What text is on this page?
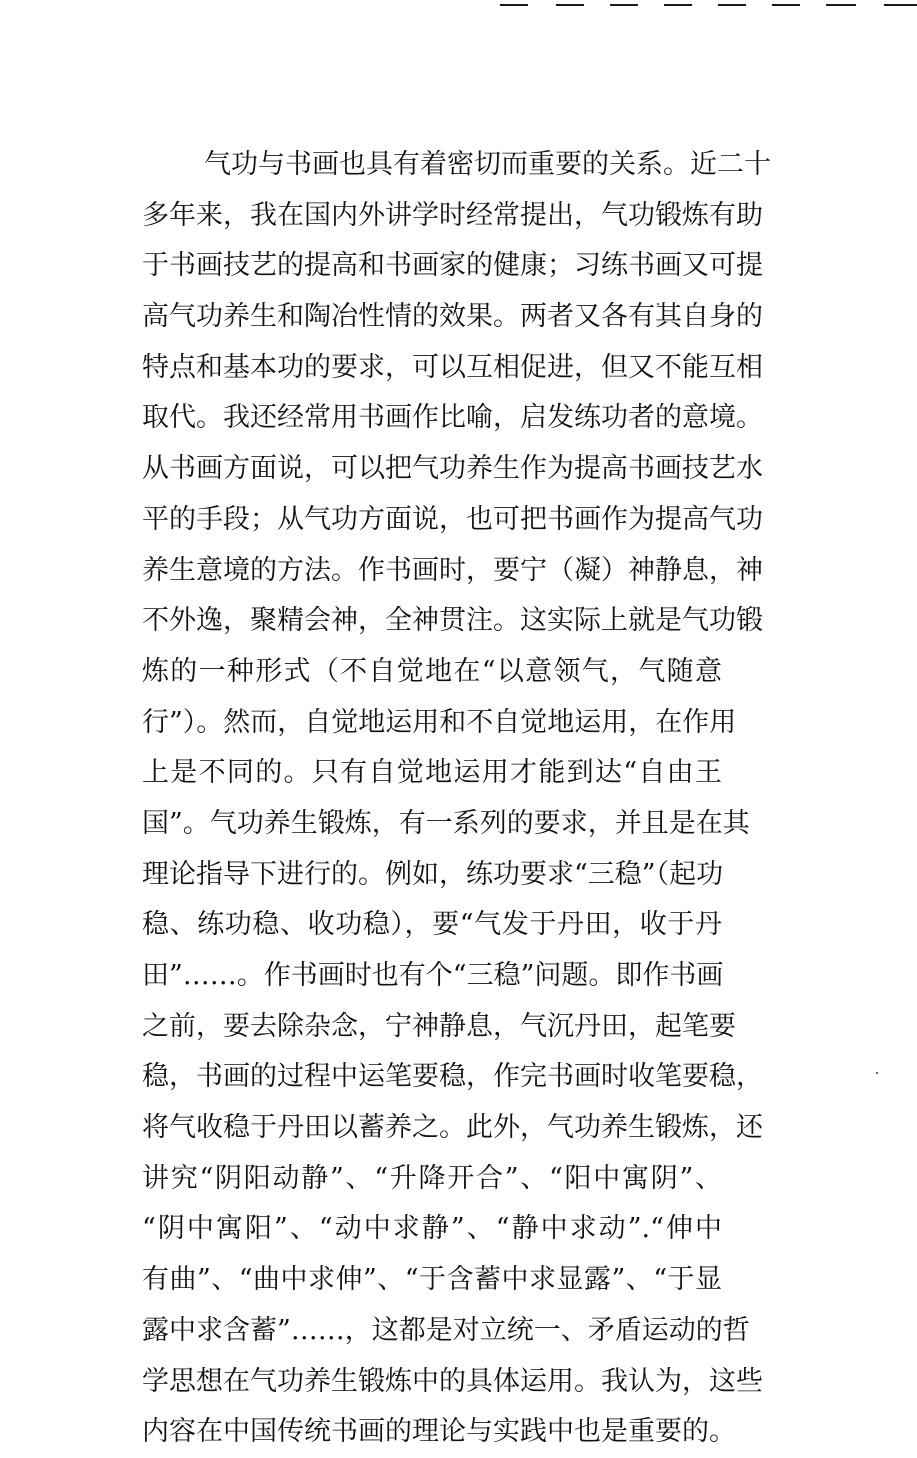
气功与书画也具有着密切而重要的关系。近二十
多年来，我在国内外讲学时经常提出，气功锻炼有助
于书画技艺的提高和书画家的健康；习练书画又可提
高气功养生和陶冶性情的效果。两者又各有其自身的
特点和基本功的要求，可以互相促进，但又不能互相
取代。我还经常用书画作比喻，启发练功者的意境。
从书画方面说，可以把气功养生作为提高书画技艺水
平的手段；从气功方面说，也可把书画作为提高气功
养生意境的方法。作书画时，要宁（凝）神静息，神
不外逸，聚精会神，全神贯注。这实际上就是气功锻
炼的一种形式（不自觉地在“以意领气，气随意
行”）。然而，自觉地运用和不自觉地运用，在作用
上是不同的。只有自觉地运用才能到达“自由王
国”。气功养生锻炼，有一系列的要求，并且是在其
理论指导下进行的。例如，练功要求“三稳”（起功
稳、练功稳、收功稳），要“气发于丹田，收于丹
田”……。作书画时也有个“三稳”问题。即作书画
之前，要去除杂念，宁神静息，气沉丹田，起笔要
稳，书画的过程中运笔要稳，作完书画时收笔要稳，
将气收稳于丹田以蓄养之。此外，气功养生锻炼，还
讲究“阴阳动静”、“升降开合”、“阳中寓阴”、
“阴中寓阳”、“动中求静”、“静中求动”.“伸中
有曲”、“曲中求伸”、“于含蓄中求显露”、“于显
露中求含蓄”……，这都是对立统一、矛盾运动的哲
学思想在气功养生锻炼中的具体运用。我认为，这些
内容在中国传统书画的理论与实践中也是重要的。
